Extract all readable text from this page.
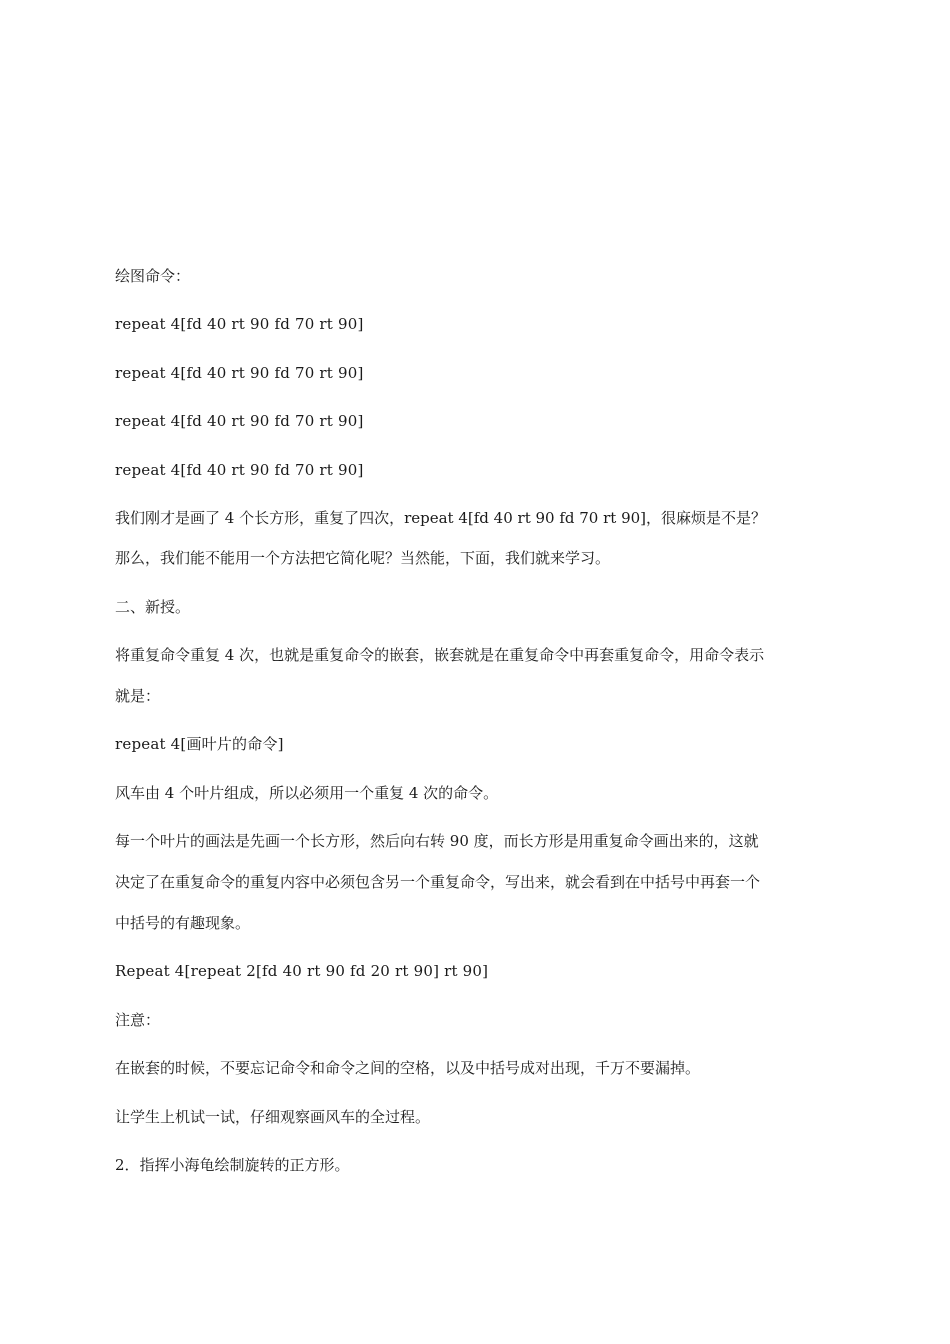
绘图命令：
repeat 4[fd 40 rt 90 fd 70 rt 90]
repeat 4[fd 40 rt 90 fd 70 rt 90]
repeat 4[fd 40 rt 90 fd 70 rt 90]
repeat 4[fd 40 rt 90 fd 70 rt 90]
我们刚才是画了 4 个长方形，重复了四次，repeat 4[fd 40 rt 90 fd 70 rt 90]，很麻烦是不是？
那么，我们能不能用一个方法把它简化呢？当然能，下面，我们就来学习。
二、新授。
将重复命令重复 4 次，也就是重复命令的嵌套，嵌套就是在重复命令中再套重复命令，用命令表示
就是：
repeat 4[画叶片的命令]
风车由 4 个叶片组成，所以必须用一个重复 4 次的命令。
每一个叶片的画法是先画一个长方形，然后向右转 90 度，而长方形是用重复命令画出来的，这就
决定了在重复命令的重复内容中必须包含另一个重复命令，写出来，就会看到在中括号中再套一个
中括号的有趣现象。
Repeat 4[repeat 2[fd 40 rt 90 fd 20 rt 90] rt 90]
注意：
在嵌套的时候，不要忘记命令和命令之间的空格，以及中括号成对出现，千万不要漏掉。
让学生上机试一试，仔细观察画风车的全过程。
2．指挥小海龟绘制旋转的正方形。
